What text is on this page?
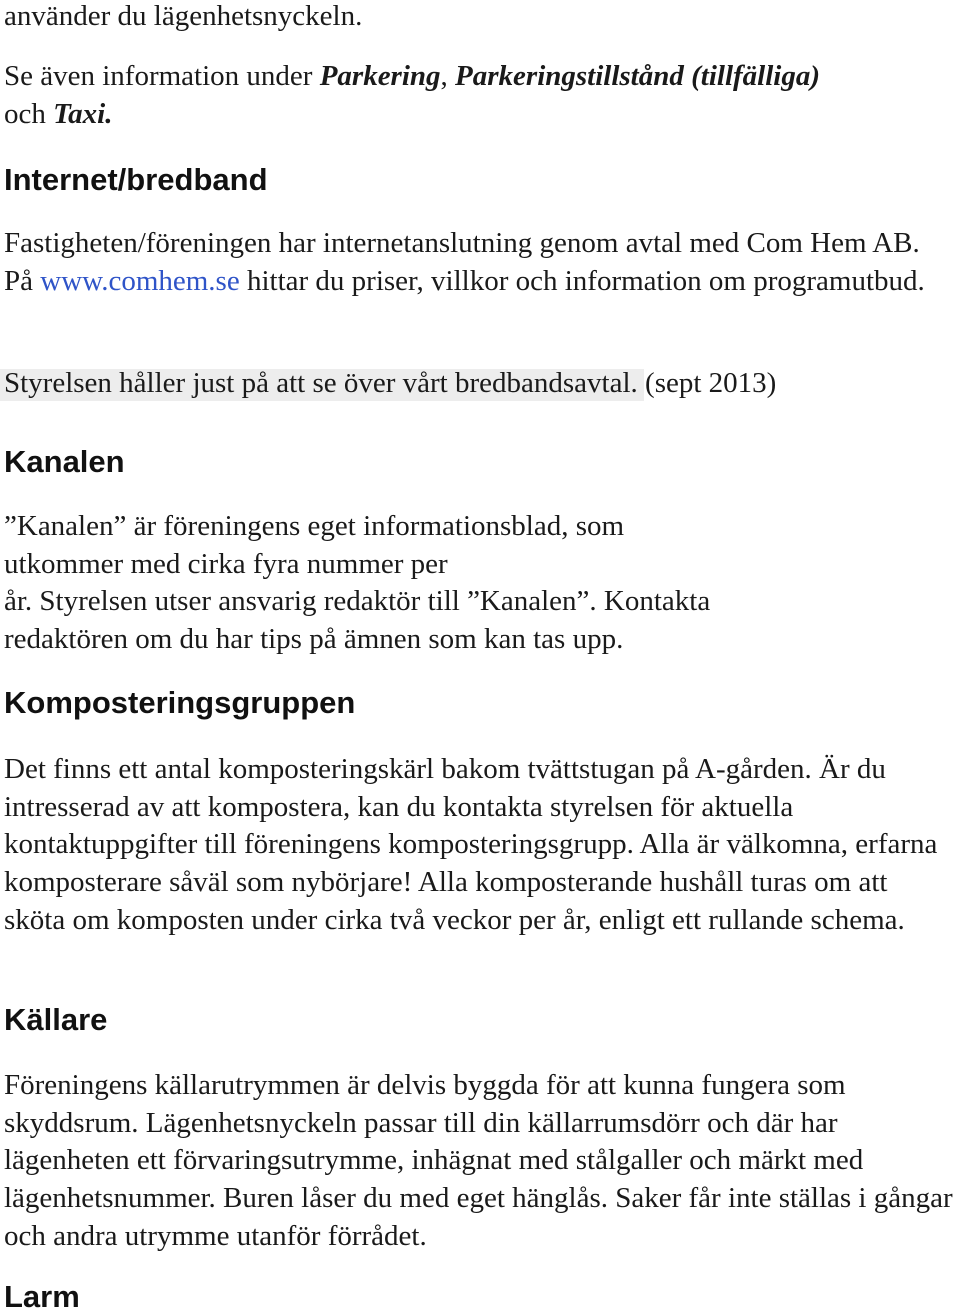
använder du lägenhetsnyckeln.

Se även information under Parkering, Parkeringstillstånd (tillfälliga)
och Taxi.

Internet/bredband

Fastigheten/föreningen har internetanslutning genom avtal med Com Hem AB. På www.comhem.se hittar du priser, villkor och information om programutbud.

Styrelsen håller just på att se över vårt bredbandsavtal. (sept 2013)

Kanalen

”Kanalen” är föreningens eget informationsblad, som
utkommer med cirka fyra nummer per
år. Styrelsen utser ansvarig redaktör till ”Kanalen”. Kontakta
redaktören om du har tips på ämnen som kan tas upp.

Komposteringsgruppen

Det finns ett antal komposteringskärl bakom tvättstugan på A-gården. Är du intresserad av att kompostera, kan du kontakta styrelsen för aktuella kontaktuppgifter till föreningens komposteringsgrupp. Alla är välkomna, erfarna komposterare såväl som nybörjare! Alla komposterande hushåll turas om att sköta om komposten under cirka två veckor per år, enligt ett rullande schema.

Källare

Föreningens källarutrymmen är delvis byggda för att kunna fungera som skyddsrum. Lägenhetsnyckeln passar till din källarrumsdörr och där har lägenheten ett förvaringsutrymme, inhägnat med stålgaller och märkt med lägenhetsnummer. Buren låser du med eget hänglås. Saker får inte ställas i gångar och andra utrymme utanför förrådet.

Larm
